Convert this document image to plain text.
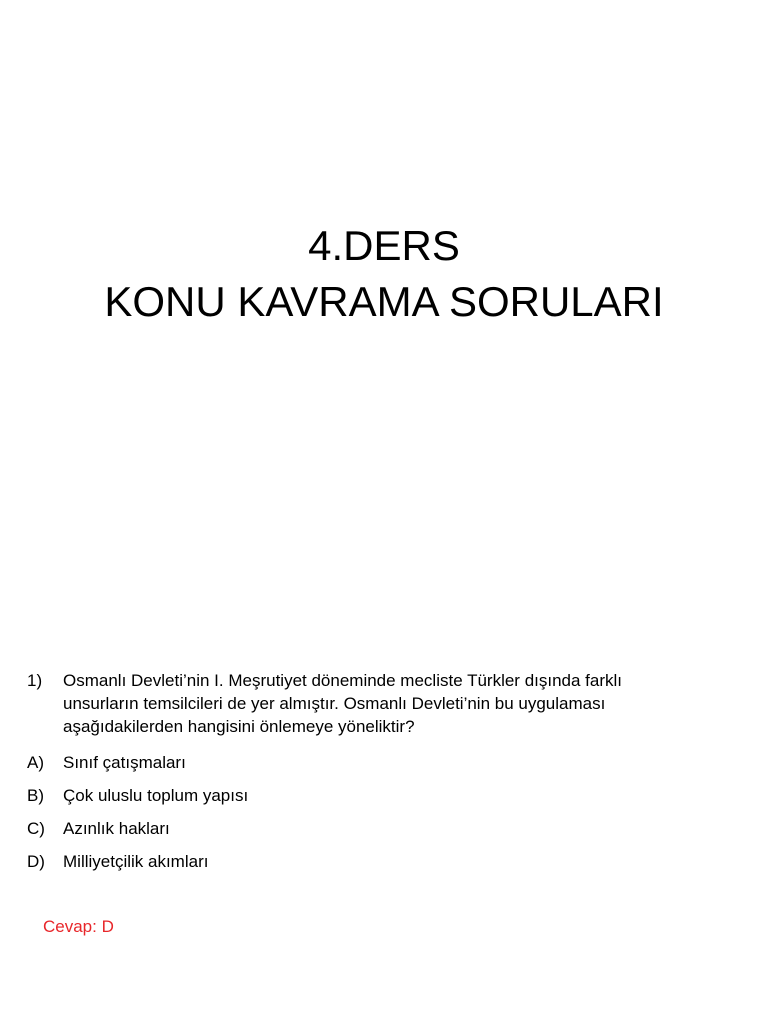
4.DERS
KONU KAVRAMA SORULARI
1)	Osmanlı Devleti’nin I. Meşrutiyet döneminde mecliste Türkler dışında farklı
unsurların temsilcileri de yer almıştır. Osmanlı Devleti’nin bu uygulaması
aşağıdakilerden hangisini önlemeye yöneliktir?
A)	Sınıf çatışmaları
B)	Çok uluslu toplum yapısı
C)	Azınlık hakları
D)	Milliyetçilik akımları
Cevap: D
